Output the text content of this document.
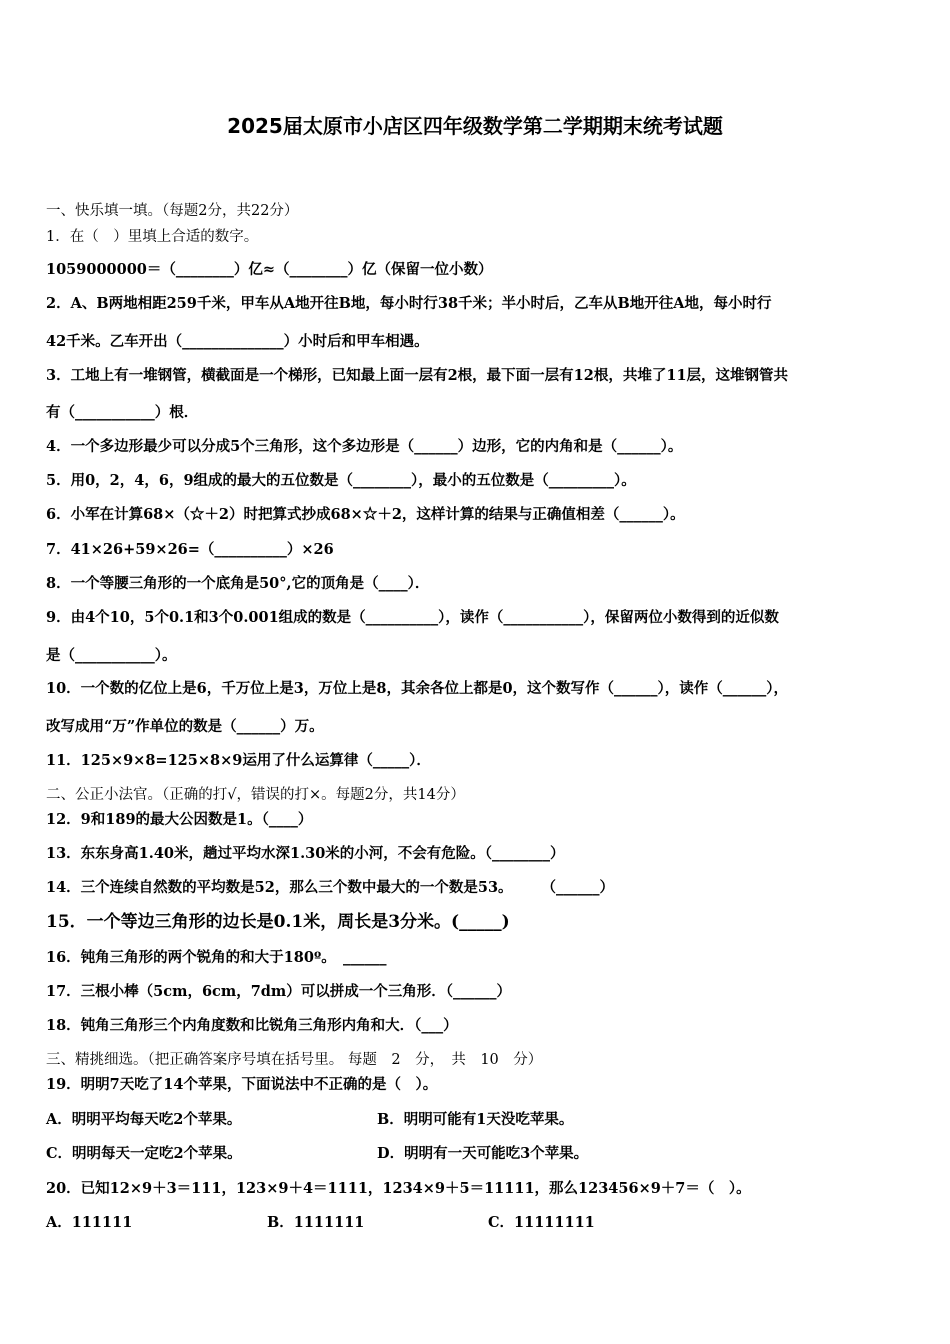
2025届太原市小店区四年级数学第二学期期末统考试题
一、快乐填一填。（每题2分，共22分）
1．在（　）里填上合适的数字。
1059000000＝（________）亿≈（________）亿（保留一位小数）
2．A、B两地相距259千米，甲车从A地开往B地，每小时行38千米；半小时后，乙车从B地开往A地，每小时行
42千米。乙车开出（______________）小时后和甲车相遇。
3．工地上有一堆钢管，横截面是一个梯形，已知最上面一层有2根，最下面一层有12根，共堆了11层，这堆钢管共
有（___________）根．
4．一个多边形最少可以分成5个三角形，这个多边形是（______）边形，它的内角和是（______）。
5．用0，2，4，6，9组成的最大的五位数是（________），最小的五位数是（_________）。
6．小军在计算68×（☆＋2）时把算式抄成68×☆＋2，这样计算的结果与正确值相差（______）。
7．41×26+59×26=（__________）×26
8．一个等腰三角形的一个底角是50°,它的顶角是（____）．
9．由4个10，5个0.1和3个0.001组成的数是（__________），读作（___________），保留两位小数得到的近似数
是（___________）。
10．一个数的亿位上是6，千万位上是3，万位上是8，其余各位上都是0，这个数写作（______），读作（______），
改写成用“万”作单位的数是（______）万。
11．125×9×8=125×8×9运用了什么运算律（_____）．
二、公正小法官。（正确的打√，错误的打×。每题2分，共14分）
12．9和189的最大公因数是1。（____）
13．东东身高1.40米，趟过平均水深1.30米的小河，不会有危险。（________）
14．三个连续自然数的平均数是52，那么三个数中最大的一个数是53。　　　（______）
15．一个等边三角形的边长是0.1米，周长是3分米。(_____)
16．钝角三角形的两个锐角的和大于180º。　______
17．三根小棒（5cm，6cm，7dm）可以拼成一个三角形．（______）
18．钝角三角形三个内角度数和比锐角三角形内角和大．（___）
三、精挑细选。（把正确答案序号填在括号里。 每题　2　分，　共　10　分）
19．明明7天吃了14个苹果，下面说法中不正确的是（　）。
A．明明平均每天吃2个苹果。	B．明明可能有1天没吃苹果。
C．明明每天一定吃2个苹果。	D．明明有一天可能吃3个苹果。
20．已知12×9＋3＝111，123×9＋4＝1111，1234×9＋5＝11111，那么123456×9＋7＝（　）。
A．111111	B．1111111	C．11111111
